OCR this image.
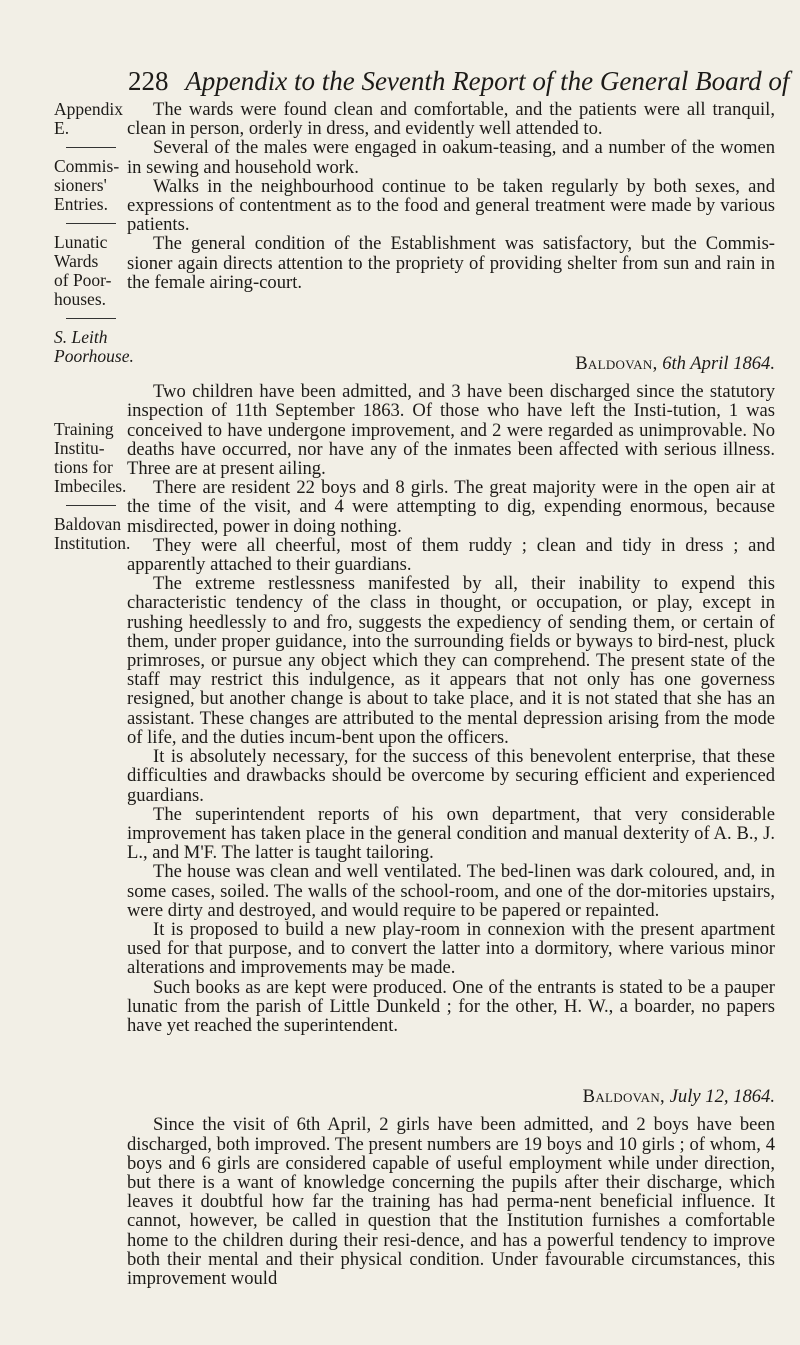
228 Appendix to the Seventh Report of the General Board of

Appendix E.

Commis-sioners' Entries.

Lunatic Wards of Poor-houses.

S. Leith Poorhouse.

Training Institu-tions for Imbeciles.

Baldovan Institution.

The wards were found clean and comfortable, and the patients were all tranquil, clean in person, orderly in dress, and evidently well attended to.

Several of the males were engaged in oakum-teasing, and a number of the women in sewing and household work.

Walks in the neighbourhood continue to be taken regularly by both sexes, and expressions of contentment as to the food and general treatment were made by various patients.

The general condition of the Establishment was satisfactory, but the Commis-sioner again directs attention to the propriety of providing shelter from sun and rain in the female airing-court.

Baldovan, 6th April 1864.

Two children have been admitted, and 3 have been discharged since the statutory inspection of 11th September 1863. Of those who have left the Insti-tution, 1 was conceived to have undergone improvement, and 2 were regarded as unimprovable. No deaths have occurred, nor have any of the inmates been affected with serious illness. Three are at present ailing.

There are resident 22 boys and 8 girls. The great majority were in the open air at the time of the visit, and 4 were attempting to dig, expending enormous, because misdirected, power in doing nothing.

They were all cheerful, most of them ruddy ; clean and tidy in dress ; and apparently attached to their guardians.

The extreme restlessness manifested by all, their inability to expend this characteristic tendency of the class in thought, or occupation, or play, except in rushing heedlessly to and fro, suggests the expediency of sending them, or certain of them, under proper guidance, into the surrounding fields or byways to bird-nest, pluck primroses, or pursue any object which they can comprehend. The present state of the staff may restrict this indulgence, as it appears that not only has one governess resigned, but another change is about to take place, and it is not stated that she has an assistant. These changes are attributed to the mental depression arising from the mode of life, and the duties incum-bent upon the officers.

It is absolutely necessary, for the success of this benevolent enterprise, that these difficulties and drawbacks should be overcome by securing efficient and experienced guardians.

The superintendent reports of his own department, that very considerable improvement has taken place in the general condition and manual dexterity of A. B., J. L., and M'F. The latter is taught tailoring.

The house was clean and well ventilated. The bed-linen was dark coloured, and, in some cases, soiled. The walls of the school-room, and one of the dor-mitories upstairs, were dirty and destroyed, and would require to be papered or repainted.

It is proposed to build a new play-room in connexion with the present apartment used for that purpose, and to convert the latter into a dormitory, where various minor alterations and improvements may be made.

Such books as are kept were produced. One of the entrants is stated to be a pauper lunatic from the parish of Little Dunkeld ; for the other, H. W., a boarder, no papers have yet reached the superintendent.

Baldovan, July 12, 1864.

Since the visit of 6th April, 2 girls have been admitted, and 2 boys have been discharged, both improved. The present numbers are 19 boys and 10 girls ; of whom, 4 boys and 6 girls are considered capable of useful employment while under direction, but there is a want of knowledge concerning the pupils after their discharge, which leaves it doubtful how far the training has had perma-nent beneficial influence. It cannot, however, be called in question that the Institution furnishes a comfortable home to the children during their resi-dence, and has a powerful tendency to improve both their mental and their physical condition. Under favourable circumstances, this improvement would
